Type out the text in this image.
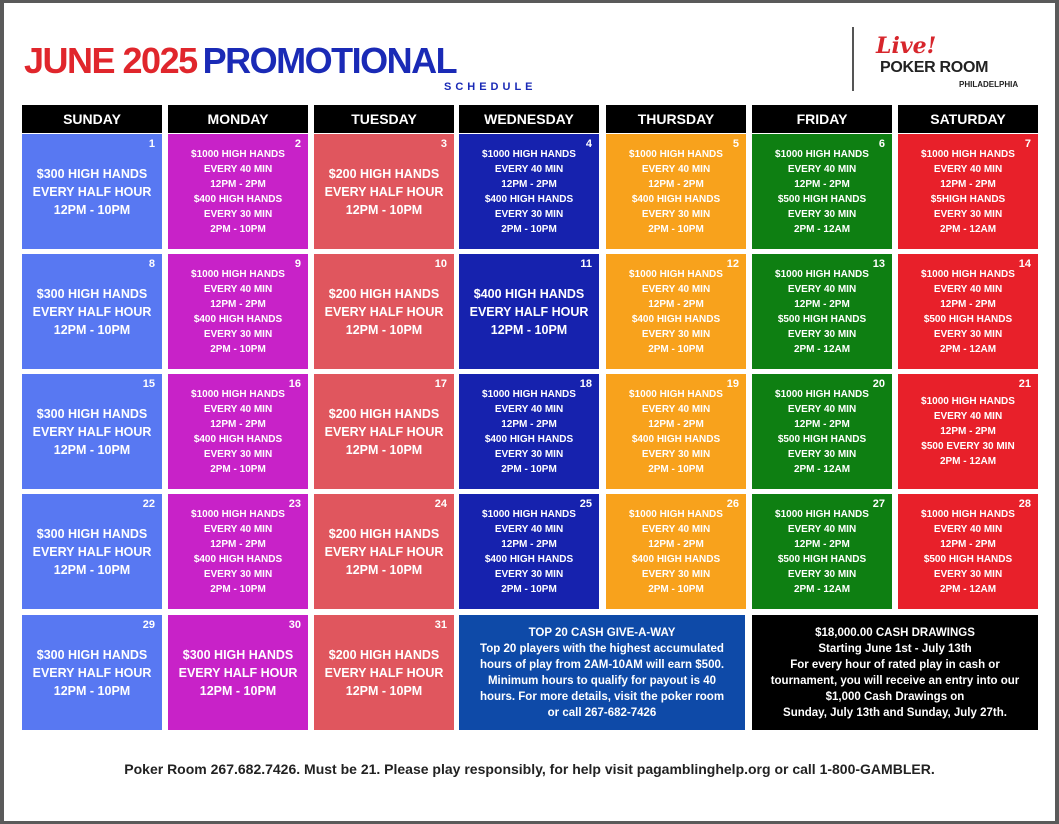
JUNE 2025 PROMOTIONAL
SCHEDULE
Live!
POKER ROOM
PHILADELPHIA
SUNDAY	MONDAY	TUESDAY	WEDNESDAY	THURSDAY	FRIDAY	SATURDAY
1
$300 HIGH HANDS
EVERY HALF HOUR
12PM - 10PM
2
$1000 HIGH HANDS
EVERY 40 MIN
12PM - 2PM
$400 HIGH HANDS
EVERY 30 MIN
2PM - 10PM
3
$200 HIGH HANDS
EVERY HALF HOUR
12PM - 10PM
4
$1000 HIGH HANDS
EVERY 40 MIN
12PM - 2PM
$400 HIGH HANDS
EVERY 30 MIN
2PM - 10PM
5
$1000 HIGH HANDS
EVERY 40 MIN
12PM - 2PM
$400 HIGH HANDS
EVERY 30 MIN
2PM - 10PM
6
$1000 HIGH HANDS
EVERY 40 MIN
12PM - 2PM
$500 HIGH HANDS
EVERY 30 MIN
2PM - 12AM
7
$1000 HIGH HANDS
EVERY 40 MIN
12PM - 2PM
$5HIGH HANDS
EVERY 30 MIN
2PM - 12AM
8
$300 HIGH HANDS
EVERY HALF HOUR
12PM - 10PM
9
$1000 HIGH HANDS
EVERY 40 MIN
12PM - 2PM
$400 HIGH HANDS
EVERY 30 MIN
2PM - 10PM
10
$200 HIGH HANDS
EVERY HALF HOUR
12PM - 10PM
11
$400 HIGH HANDS
EVERY HALF HOUR
12PM - 10PM
12
$1000 HIGH HANDS
EVERY 40 MIN
12PM - 2PM
$400 HIGH HANDS
EVERY 30 MIN
2PM - 10PM
13
$1000 HIGH HANDS
EVERY 40 MIN
12PM - 2PM
$500 HIGH HANDS
EVERY 30 MIN
2PM - 12AM
14
$1000 HIGH HANDS
EVERY 40 MIN
12PM - 2PM
$500 HIGH HANDS
EVERY 30 MIN
2PM - 12AM
15
$300 HIGH HANDS
EVERY HALF HOUR
12PM - 10PM
16
$1000 HIGH HANDS
EVERY 40 MIN
12PM - 2PM
$400 HIGH HANDS
EVERY 30 MIN
2PM - 10PM
17
$200 HIGH HANDS
EVERY HALF HOUR
12PM - 10PM
18
$1000 HIGH HANDS
EVERY 40 MIN
12PM - 2PM
$400 HIGH HANDS
EVERY 30 MIN
2PM - 10PM
19
$1000 HIGH HANDS
EVERY 40 MIN
12PM - 2PM
$400 HIGH HANDS
EVERY 30 MIN
2PM - 10PM
20
$1000 HIGH HANDS
EVERY 40 MIN
12PM - 2PM
$500 HIGH HANDS
EVERY 30 MIN
2PM - 12AM
21
$1000 HIGH HANDS
EVERY 40 MIN
12PM - 2PM
$500 EVERY 30 MIN
2PM - 12AM
22
$300 HIGH HANDS
EVERY HALF HOUR
12PM - 10PM
23
$1000 HIGH HANDS
EVERY 40 MIN
12PM - 2PM
$400 HIGH HANDS
EVERY 30 MIN
2PM - 10PM
24
$200 HIGH HANDS
EVERY HALF HOUR
12PM - 10PM
25
$1000 HIGH HANDS
EVERY 40 MIN
12PM - 2PM
$400 HIGH HANDS
EVERY 30 MIN
2PM - 10PM
26
$1000 HIGH HANDS
EVERY 40 MIN
12PM - 2PM
$400 HIGH HANDS
EVERY 30 MIN
2PM - 10PM
27
$1000 HIGH HANDS
EVERY 40 MIN
12PM - 2PM
$500 HIGH HANDS
EVERY 30 MIN
2PM - 12AM
28
$1000 HIGH HANDS
EVERY 40 MIN
12PM - 2PM
$500 HIGH HANDS
EVERY 30 MIN
2PM - 12AM
29
$300 HIGH HANDS
EVERY HALF HOUR
12PM - 10PM
30
$300 HIGH HANDS
EVERY HALF HOUR
12PM - 10PM
31
$200 HIGH HANDS
EVERY HALF HOUR
12PM - 10PM
TOP 20 CASH GIVE-A-WAY
Top 20 players with the highest accumulated
hours of play from 2AM-10AM will earn $500.
Minimum hours to qualify for payout is 40
hours. For more details, visit the poker room
or call 267-682-7426
$18,000.00 CASH DRAWINGS
Starting June 1st - July 13th
For every hour of rated play in cash or
tournament, you will receive an entry into our
$1,000 Cash Drawings on
Sunday, July 13th and Sunday, July 27th.
Poker Room 267.682.7426. Must be 21. Please play responsibly, for help visit pagamblinghelp.org or call 1-800-GAMBLER.
